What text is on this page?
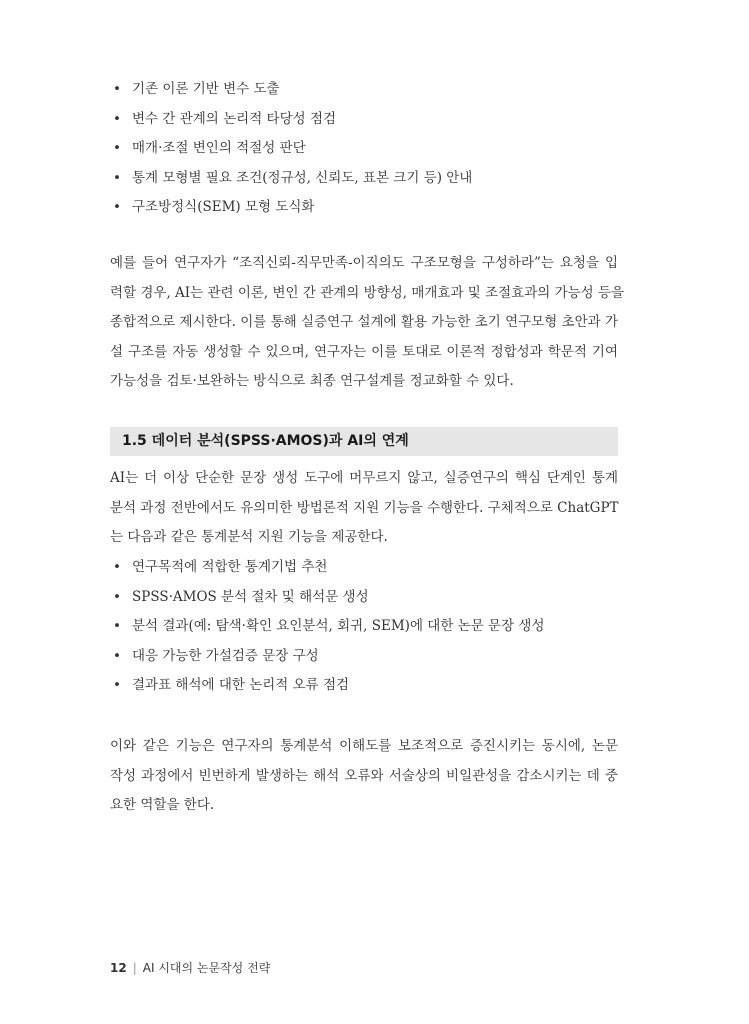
• 기존 이론 기반 변수 도출
• 변수 간 관계의 논리적 타당성 점검
• 매개·조절 변인의 적절성 판단
• 통계 모형별 필요 조건(정규성, 신뢰도, 표본 크기 등) 안내
• 구조방정식(SEM) 모형 도식화

예를 들어 연구자가 “조직신뢰-직무만족-이직의도 구조모형을 구성하라”는 요청을 입
력할 경우, AI는 관련 이론, 변인 간 관계의 방향성, 매개효과 및 조절효과의 가능성 등을
종합적으로 제시한다. 이를 통해 실증연구 설계에 활용 가능한 초기 연구모형 초안과 가
설 구조를 자동 생성할 수 있으며, 연구자는 이를 토대로 이론적 정합성과 학문적 기여
가능성을 검토·보완하는 방식으로 최종 연구설계를 정교화할 수 있다.

1.5 데이터 분석(SPSS·AMOS)과 AI의 연계

AI는 더 이상 단순한 문장 생성 도구에 머무르지 않고, 실증연구의 핵심 단계인 통계
분석 과정 전반에서도 유의미한 방법론적 지원 기능을 수행한다. 구체적으로 ChatGPT
는 다음과 같은 통계분석 지원 기능을 제공한다.

• 연구목적에 적합한 통계기법 추천
• SPSS·AMOS 분석 절차 및 해석문 생성
• 분석 결과(예: 탐색·확인 요인분석, 회귀, SEM)에 대한 논문 문장 생성
• 대응 가능한 가설검증 문장 구성
• 결과표 해석에 대한 논리적 오류 점검

이와 같은 기능은 연구자의 통계분석 이해도를 보조적으로 증진시키는 동시에, 논문
작성 과정에서 빈번하게 발생하는 해석 오류와 서술상의 비일관성을 감소시키는 데 중
요한 역할을 한다.

12 | AI 시대의 논문작성 전략
